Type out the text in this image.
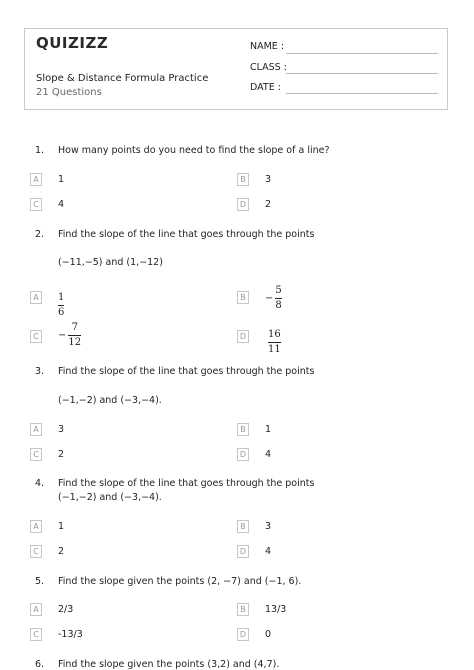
QUIZIZZ
Slope & Distance Formula Practice
21 Questions
NAME :
CLASS :
DATE :
1. How many points do you need to find the slope of a line?
A	1	B	3
C	4	D	2
2. Find the slope of the line that goes through the points
(−11,−5) and (1,−12)
A	$\frac{1}{6}$	B	− $\frac{5}{8}$
C	− $\frac{7}{12}$	D $\frac{16}{11}$
3. Find the slope of the line that goes through the points
(−1,−2) and (−3,−4).
A	3	B	1
C	2	D	4
4. Find the slope of the line that goes through the points
(−1,−2) and (−3,−4).
A	1	B	3
C	2	D	4
5. Find the slope given the points (2, −7) and (−1, 6).
A	2/3	B	13/3
C	-13/3	D	0
6. Find the slope given the points (3,2) and (4,7).
